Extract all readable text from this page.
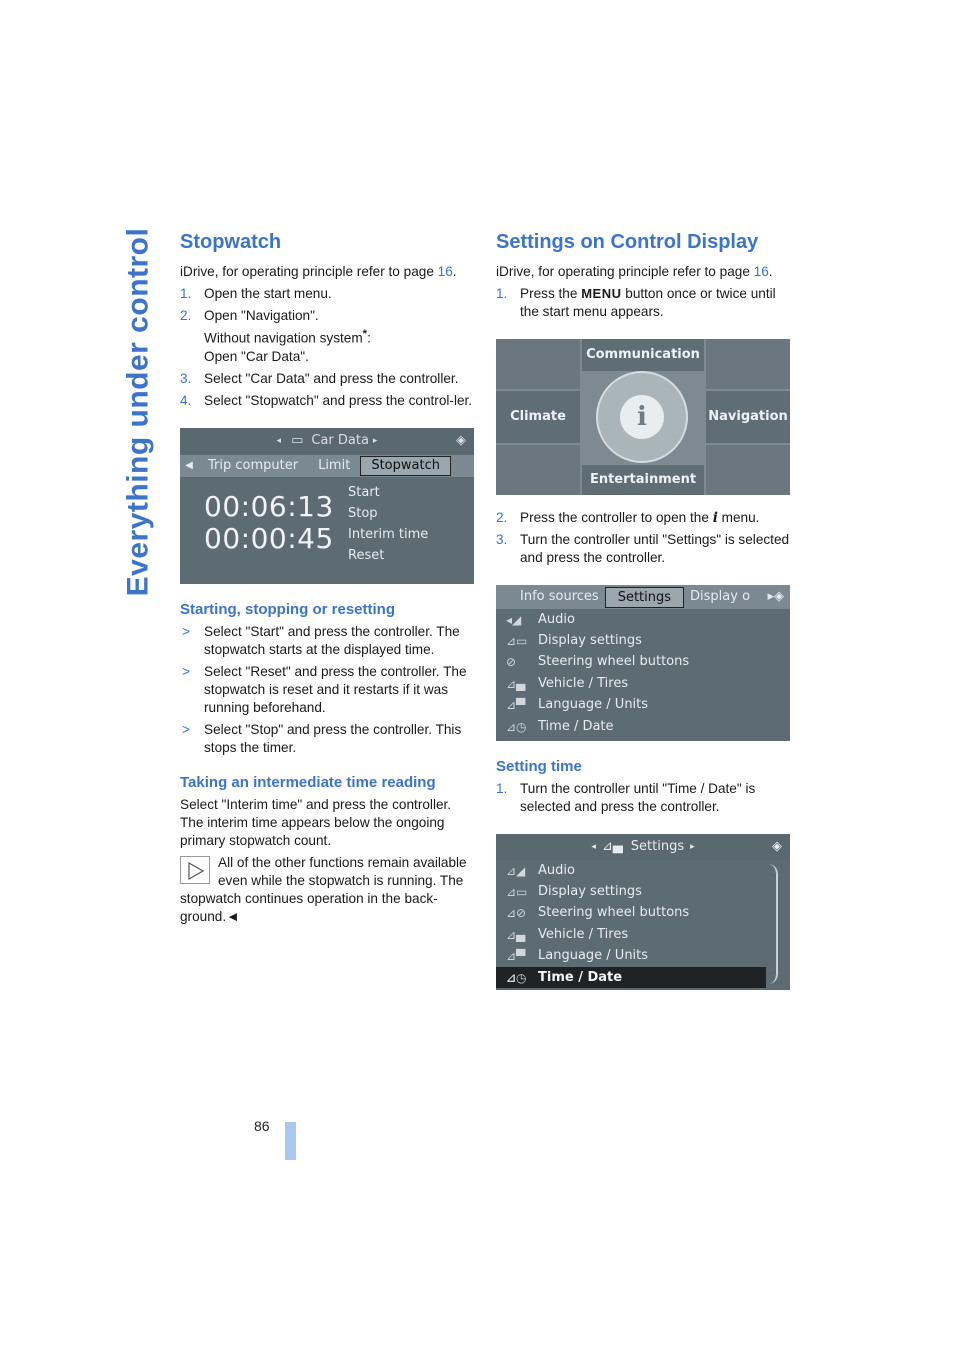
Everything under control
86
Stopwatch

iDrive, for operating principle refer to page 16.

1. Open the start menu.
2. Open "Navigation".
Without navigation system*:
Open "Car Data".
3. Select "Car Data" and press the controller.
4. Select "Stopwatch" and press the control-ler.
◂ ▭ Car Data ▸	◈
◀	Trip computer	Limit	Stopwatch
00:06:13
00:00:45
Start
Stop
Interim time
Reset
Starting, stopping or resetting
> Select "Start" and press the controller. The stopwatch starts at the displayed time.
> Select "Reset" and press the controller. The stopwatch is reset and it restarts if it was running beforehand.
> Select "Stop" and press the controller. This stops the timer.
Taking an intermediate time reading

Select "Interim time" and press the controller. The interim time appears below the ongoing primary stopwatch count.

All of the other functions remain available even while the stopwatch is running. The stopwatch continues operation in the back-ground.◄
Settings on Control Display

iDrive, for operating principle refer to page 16.

1. Press the MENU button once or twice until the start menu appears.
Communication
Climate	Navigation
Entertainment
i
2. Press the controller to open the i menu.
3. Turn the controller until "Settings" is selected and press the controller.
Info sources	Settings	Display o	▸◈
◂◢	Audio
⊿▭ Display settings
⊘	Steering wheel buttons
⊿▄ Vehicle / Tires
⊿▀ Language / Units
⊿◷ Time / Date
Setting time
1. Turn the controller until "Time / Date" is selected and press the controller.
◂ ⊿▄ Settings ▸	◈
⊿◢ Audio
⊿▭ Display settings
⊿⊘ Steering wheel buttons
⊿▄ Vehicle / Tires
⊿▀ Language / Units
⊿◷ Time / Date
